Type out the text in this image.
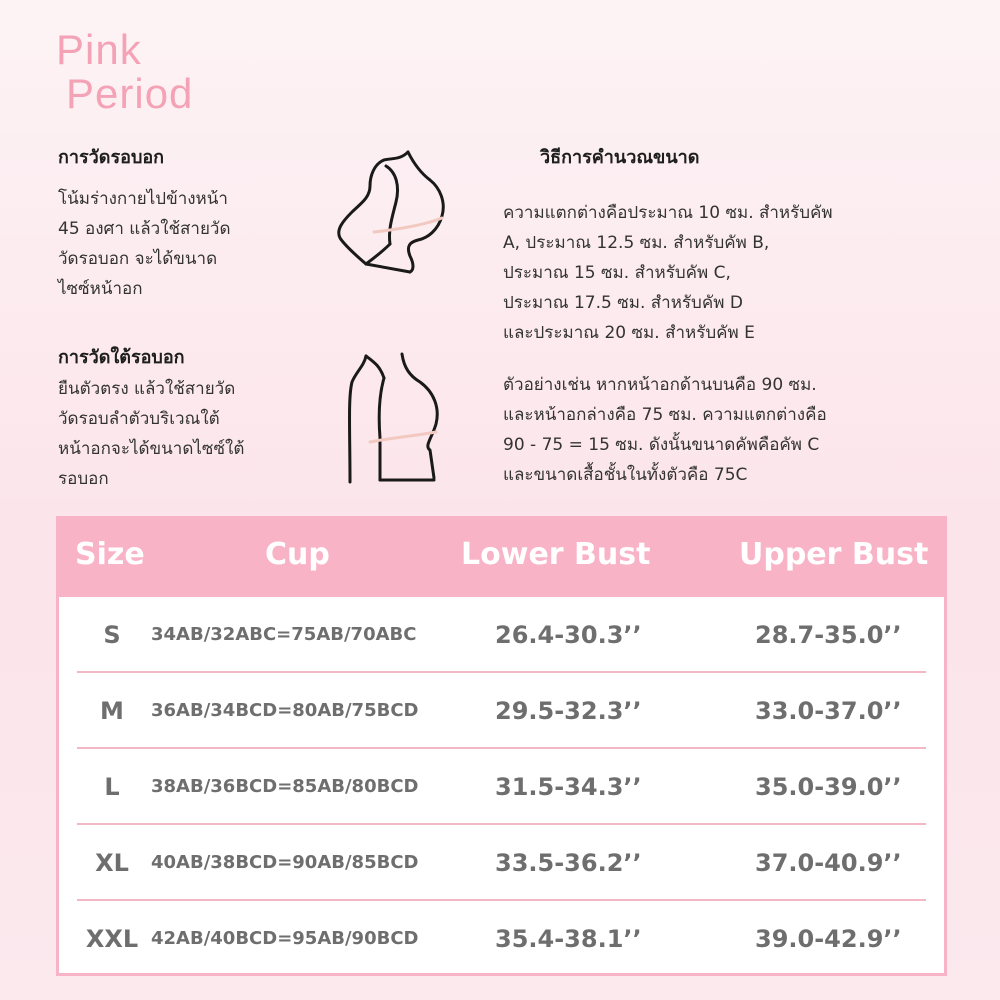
Pink
Period
การวัดรอบอก
โน้มร่างกายไปข้างหน้า
45 องศา แล้วใช้สายวัด
วัดรอบอก จะได้ขนาด
ไซซ์หน้าอก
การวัดใต้รอบอก
ยืนตัวตรง แล้วใช้สายวัด
วัดรอบลำตัวบริเวณใต้
หน้าอกจะได้ขนาดไซซ์ใต้
รอบอก
วิธีการคำนวณขนาด
ความแตกต่างคือประมาณ 10 ซม. สำหรับคัพ
A, ประมาณ 12.5 ซม. สำหรับคัพ B,
ประมาณ 15 ซม. สำหรับคัพ C,
ประมาณ 17.5 ซม. สำหรับคัพ D
และประมาณ 20 ซม. สำหรับคัพ E
ตัวอย่างเช่น หากหน้าอกด้านบนคือ 90 ซม.
และหน้าอกล่างคือ 75 ซม. ความแตกต่างคือ
90 - 75 = 15 ซม. ดังนั้นขนาดคัพคือคัพ C
และขนาดเสื้อชั้นในทั้งตัวคือ 75C
Size	Cup	Lower Bust	Upper Bust
S	34AB/32ABC=75AB/70ABC	26.4-30.3’’	28.7-35.0’’
M	36AB/34BCD=80AB/75BCD	29.5-32.3’’	33.0-37.0’’
L	38AB/36BCD=85AB/80BCD	31.5-34.3’’	35.0-39.0’’
XL	40AB/38BCD=90AB/85BCD	33.5-36.2’’	37.0-40.9’’
XXL 42AB/40BCD=95AB/90BCD	35.4-38.1’’	39.0-42.9’’
